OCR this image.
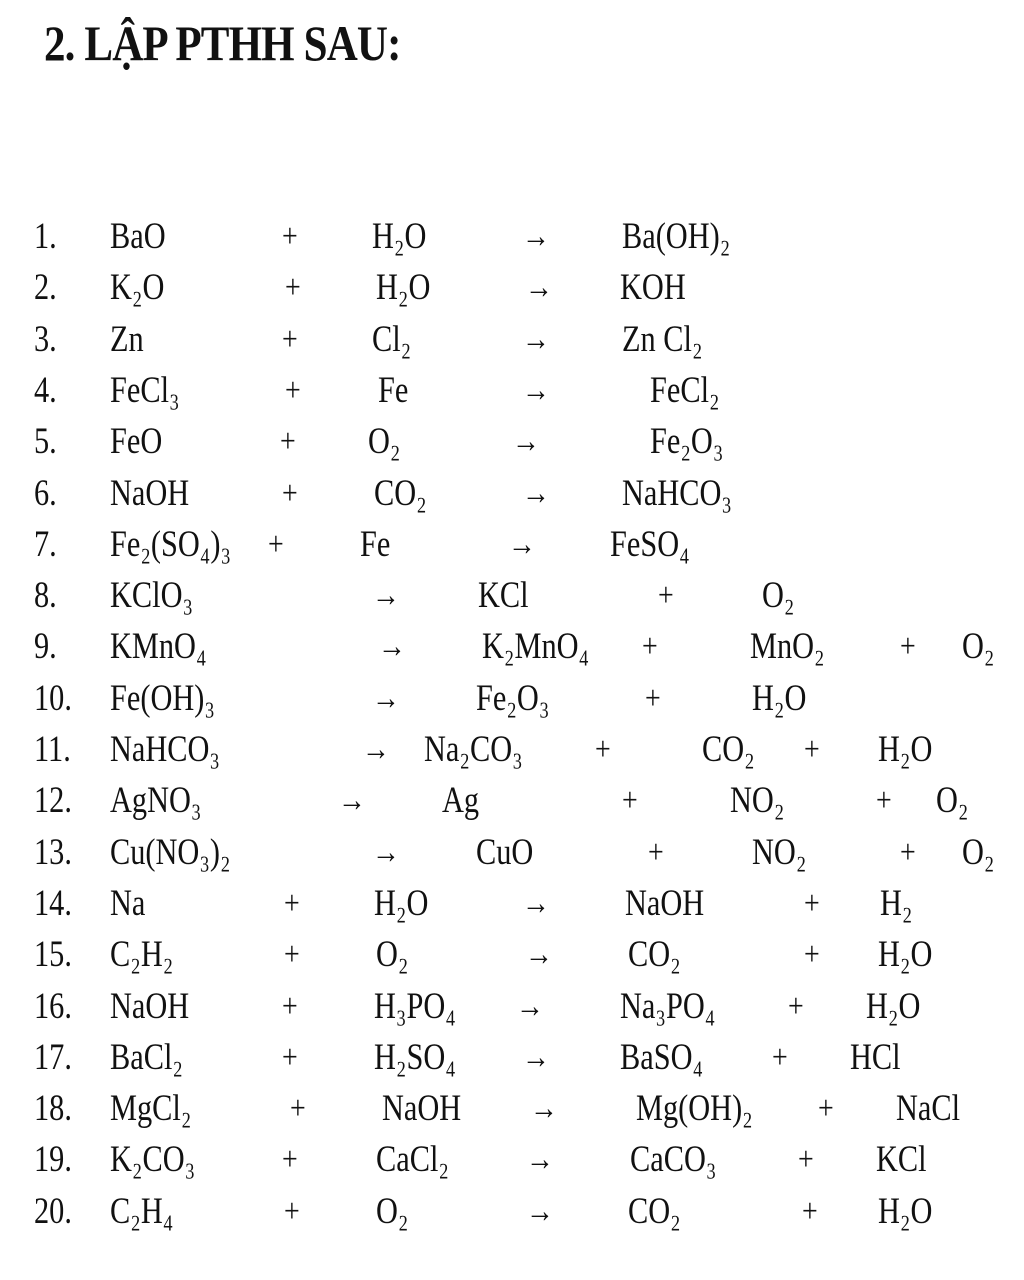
2. LẬP PTHH SAU:
1. BaO	+ H₂O	→ Ba(OH)₂
2. K₂O	+ H₂O	→ KOH
3. Zn	+ Cl₂	→ Zn Cl₂
4. FeCl₃	+ Fe	→	FeCl₂
5. FeO	+ O₂	→	Fe₂O₃
6. NaOH	+ CO₂	→ NaHCO₃
7. Fe₂(SO₄)₃ + Fe	→ FeSO₄
8. KClO₃	→ KCl	+ O₂
9. KMnO₄	→ K₂MnO₄ + MnO₂ + O₂
10. Fe(OH)₃	→ Fe₂O₃	+ H₂O
11. NaHCO₃	→ Na₂CO₃ + CO₂ + H₂O
12. AgNO₃	→ Ag	+ NO₂	+ O₂
13. Cu(NO₃)₂	→ CuO	+ NO₂	+ O₂
14. Na	+ H₂O	→ NaOH	+ H₂
15. C₂H₂	+ O₂	→ CO₂	+ H₂O
16. NaOH	+ H₃PO₄ → Na₃PO₄ + H₂O
17. BaCl₂	+ H₂SO₄ → BaSO₄ + HCl
18. MgCl₂	+ NaOH → Mg(OH)₂ + NaCl
19. K₂CO₃	+ CaCl₂ → CaCO₃ + KCl
20. C₂H₄	+ O₂	→ CO₂	+ H₂O
